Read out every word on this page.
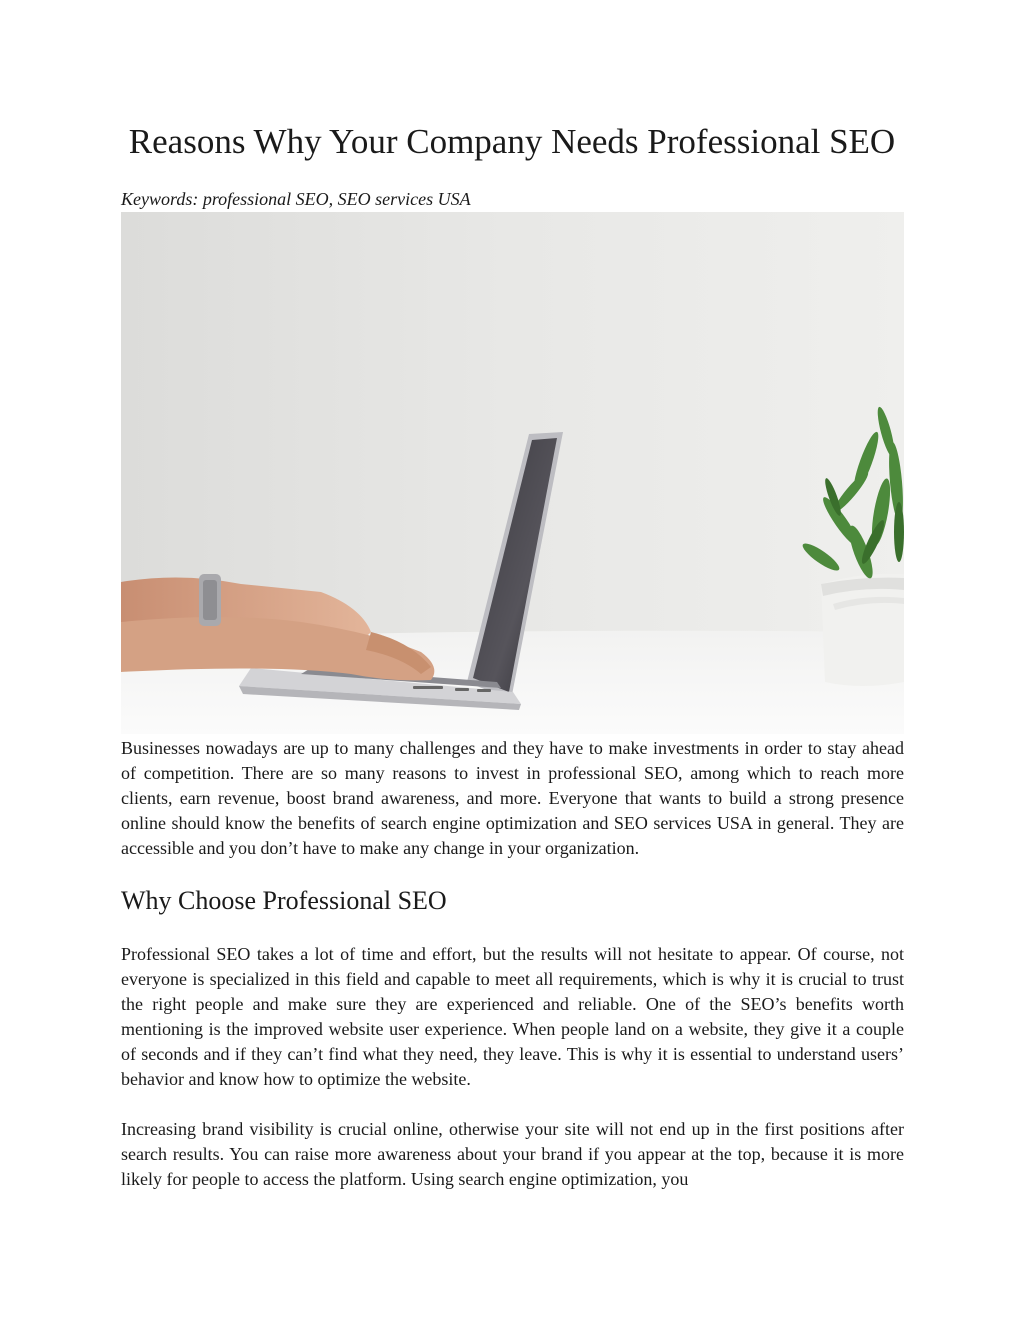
Reasons Why Your Company Needs Professional SEO

Keywords: professional SEO, SEO services USA

Businesses nowadays are up to many challenges and they have to make investments in order to stay ahead of competition. There are so many reasons to invest in professional SEO, among which to reach more clients, earn revenue, boost brand awareness, and more. Everyone that wants to build a strong presence online should know the benefits of search engine optimization and SEO services USA in general. They are accessible and you don’t have to make any change in your organization.

Why Choose Professional SEO

Professional SEO takes a lot of time and effort, but the results will not hesitate to appear. Of course, not everyone is specialized in this field and capable to meet all requirements, which is why it is crucial to trust the right people and make sure they are experienced and reliable. One of the SEO’s benefits worth mentioning is the improved website user experience. When people land on a website, they give it a couple of seconds and if they can’t find what they need, they leave. This is why it is essential to understand users’ behavior and know how to optimize the website.

Increasing brand visibility is crucial online, otherwise your site will not end up in the first positions after search results. You can raise more awareness about your brand if you appear at the top, because it is more likely for people to access the platform. Using search engine optimization, you
